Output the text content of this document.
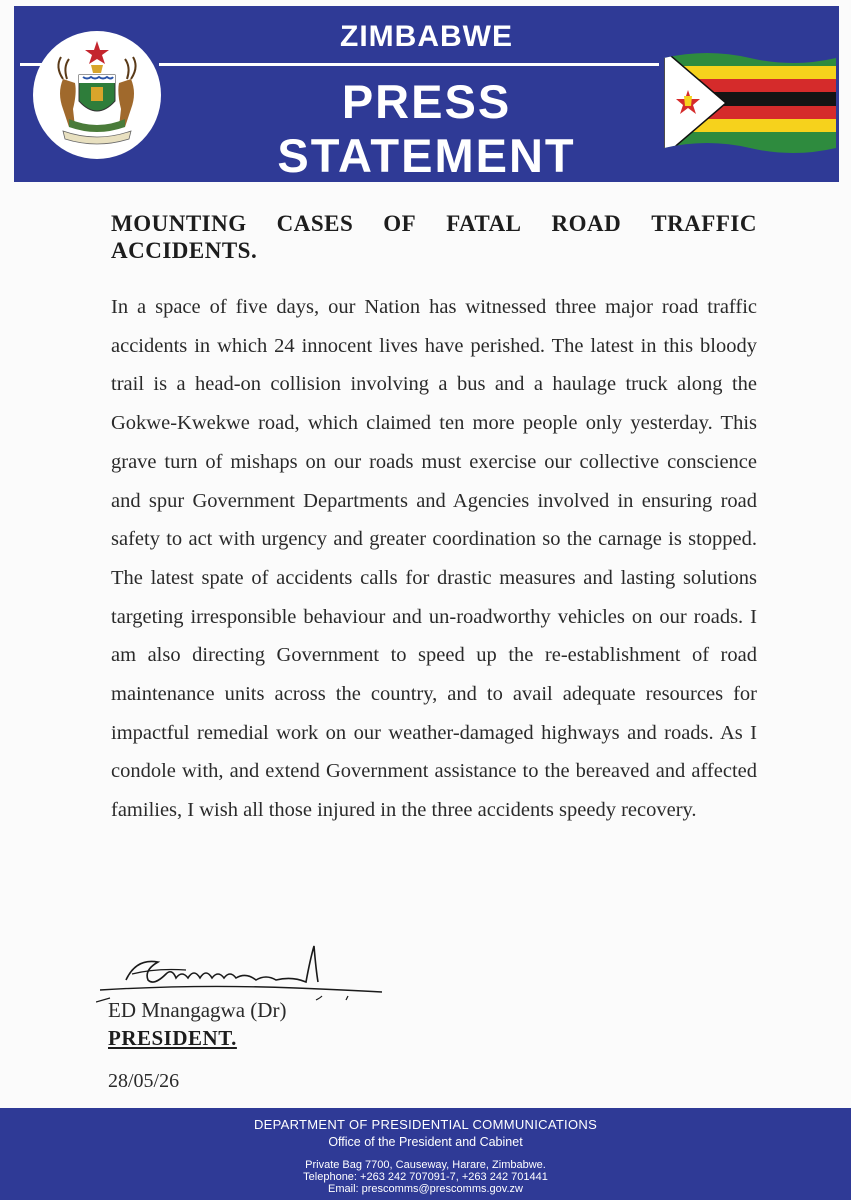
ZIMBABWE
PRESS
STATEMENT
MOUNTING CASES OF FATAL ROAD TRAFFIC
ACCIDENTS.
In a space of five days, our Nation has witnessed three major road traffic accidents in which 24 innocent lives have perished. The latest in this bloody trail is a head-on collision involving a bus and a haulage truck along the Gokwe-Kwekwe road, which claimed ten more people only yesterday. This grave turn of mishaps on our roads must exercise our collective conscience and spur Government Departments and Agencies involved in ensuring road safety to act with urgency and greater coordination so the carnage is stopped. The latest spate of accidents calls for drastic measures and lasting solutions targeting irresponsible behaviour and un-roadworthy vehicles on our roads. I am also directing Government to speed up the re-establishment of road maintenance units across the country, and to avail adequate resources for impactful remedial work on our weather-damaged highways and roads. As I condole with, and extend Government assistance to the bereaved and affected families, I wish all those injured in the three accidents speedy recovery.
ED Mnangagwa (Dr)
PRESIDENT.
28/05/26
DEPARTMENT OF PRESIDENTIAL COMMUNICATIONS
Office of the President and Cabinet
Private Bag 7700, Causeway, Harare, Zimbabwe.
Telephone: +263 242 707091-7, +263 242 701441
Email: prescomms@prescomms.gov.zw
